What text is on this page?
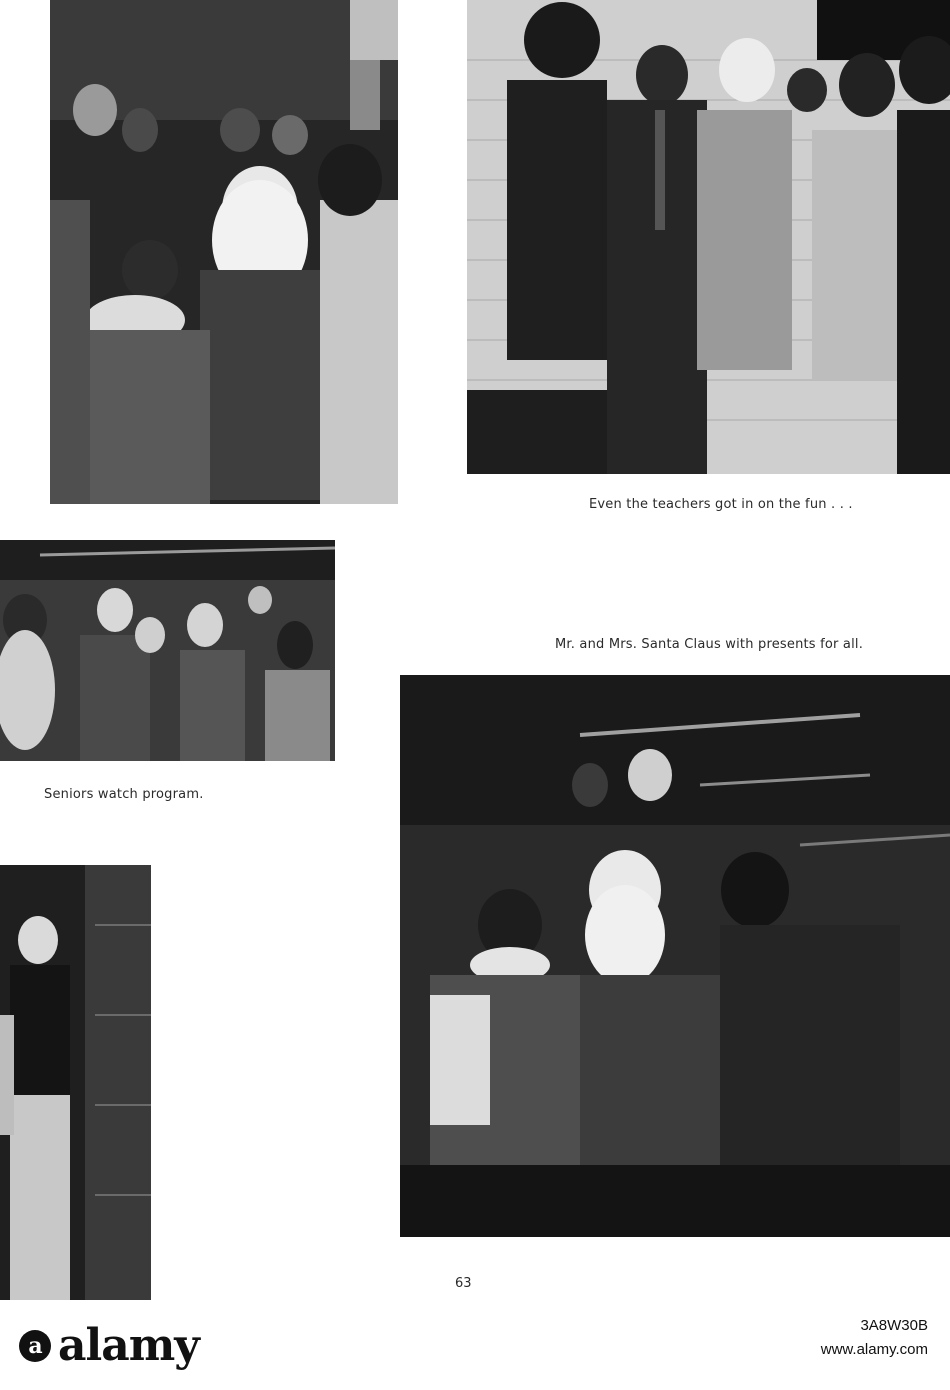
Even the teachers got in on the fun . . .
Mr. and Mrs. Santa Claus with presents for all.
Seniors watch program.
63
a alamy	3A8W30B
www.alamy.com
